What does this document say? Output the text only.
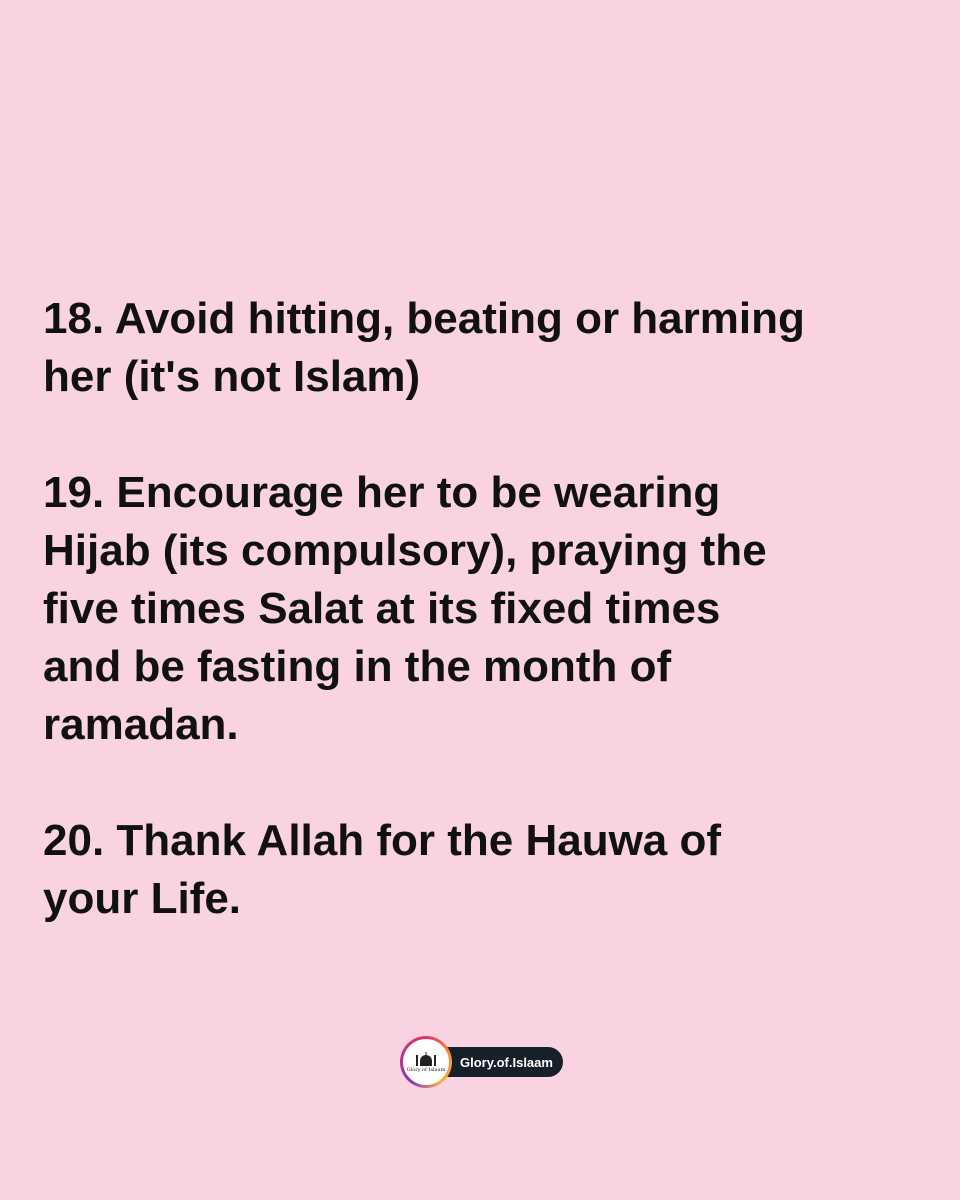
18. Avoid hitting, beating or harming
her (it's not Islam)

19. Encourage her to be wearing
Hijab (its compulsory), praying the
five times Salat at its fixed times
and be fasting in the month of
ramadan.

20. Thank Allah for the Hauwa of
your Life.

Glory of Islaam	Glory.of.Islaam
